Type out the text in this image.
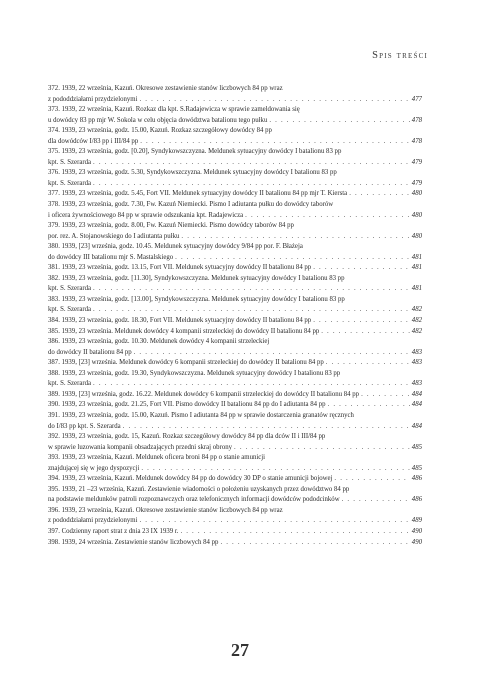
Spis treści
372. 1939, 22 września, Kazuń. Okresowe zestawienie stanów liczbowych 84 pp wraz
z pododdziałami przydzielonymi . . .	477
373. 1939, 22 września, Kazuń. Rozkaz dla kpt. S.Radajewicza w sprawie zameldowania się
u dowódcy 83 pp mjr W. Sokola w celu objęcia dowództwa batalionu tego pułku . . .	478
374. 1939, 23 września, godz. 15.00, Kazuń. Rozkaz szczegółowy dowódcy 84 pp
dla dowódców I/83 pp i III/84 pp . . .	478
375. 1939, 23 września, godz. [0.20], Syndykowszczyzna. Meldunek sytuacyjny dowódcy I batalionu 83 pp
kpt. S. Szerarda . . .	479
376. 1939, 23 września, godz. 5.30, Syndykowszczyzna. Meldunek sytuacyjny dowódcy I batalionu 83 pp
kpt. S. Szerarda . . .	479
377. 1939, 23 września, godz. 5.45, Fort VII. Meldunek sytuacyjny dowódcy II batalionu 84 pp mjr T. Kiersta . . .	480
378. 1939, 23 września, godz. 7.30, Fw. Kazuń Niemiecki. Pismo I adiutanta pułku do dowódcy taborów
i oficera żywnościowego 84 pp w sprawie odszukania kpt. Radajewicza . . .	480
379. 1939, 23 września, godz. 8.00, Fw. Kazuń Niemiecki. Pismo dowódcy taborów 84 pp
por. rez. A. Stojanowskiego do I adiutanta pułku . . .	480
380. 1939, [23] września, godz. 10.45. Meldunek sytuacyjny dowódcy 9/84 pp por. F. Błażeja
do dowódcy III batalionu mjr S. Mastalskiego . . .	481
381. 1939, 23 września, godz. 13.15, Fort VII. Meldunek sytuacyjny dowódcy II batalionu 84 pp . . .	481
382. 1939, 23 września, godz. [11.30], Syndykowszczyzna. Meldunek sytuacyjny dowódcy I batalionu 83 pp
kpt. S. Szerarda . . .	481
383. 1939, 23 września, godz. [13.00], Syndykowszczyzna. Meldunek sytuacyjny dowódcy I batalionu 83 pp
kpt. S. Szerarda . . .	482
384. 1939, 23 września, godz. 18.30, Fort VII. Meldunek sytuacyjny dowódcy II batalionu 84 pp . . .	482
385. 1939, 23 września. Meldunek dowódcy 4 kompanii strzeleckiej do dowódcy II batalionu 84 pp . . .	482
386. 1939, 23 września, godz. 10.30. Meldunek dowódcy 4 kompanii strzeleckiej
do dowódcy II batalionu 84 pp . . .	483
387. 1939, [23] września. Meldunek dowódcy 6 kompanii strzeleckiej do dowódcy II batalionu 84 pp . . .	483
388. 1939, 23 września, godz. 19.30, Syndykowszczyzna. Meldunek sytuacyjny dowódcy I batalionu 83 pp
kpt. S. Szerarda . . .	483
389. 1939, [23] września, godz. 16.22. Meldunek dowódcy 6 kompanii strzeleckiej do dowódcy II batalionu 84 pp . . .	484
390. 1939, 23 września, godz. 21.25, Fort VII. Pismo dowódcy II batalionu 84 pp do I adiutanta 84 pp . . .	484
391. 1939, 23 września, godz. 15.00, Kazuń. Pismo I adiutanta 84 pp w sprawie dostarczenia granatów ręcznych
do I/83 pp kpt. S. Szerarda . . .	484
392. 1939, 23 września, godz. 15, Kazuń. Rozkaz szczegółowy dowódcy 84 pp dla dców II i III/84 pp
w sprawie luzowania kompanii obsadzających przedni skraj obrony . . .	485
393. 1939, 23 września, Kazuń. Meldunek oficera broni 84 pp o stanie amunicji
znajdującej się w jego dyspozycji . . .	485
394. 1939, 23 września, Kazuń. Meldunek dowódcy 84 pp do dowódcy 30 DP o stanie amunicji bojowej . . .	486
395. 1939, 21 –23 września, Kazuń. Zestawienie wiadomości o położeniu uzyskanych przez dowództwo 84 pp
na podstawie meldunków patroli rozpoznawczych oraz telefonicznych informacji dowódców pododcinków . . .	486
396. 1939, 23 września, Kazuń. Okresowe zestawienie stanów liczbowych 84 pp wraz
z pododdziałami przydzielonymi . . .	489
397. Codzienny raport strat z dnia 23 IX 1939 r. . . .	490
398. 1939, 24 września. Zestawienie stanów liczbowych 84 pp . . .	490
27
